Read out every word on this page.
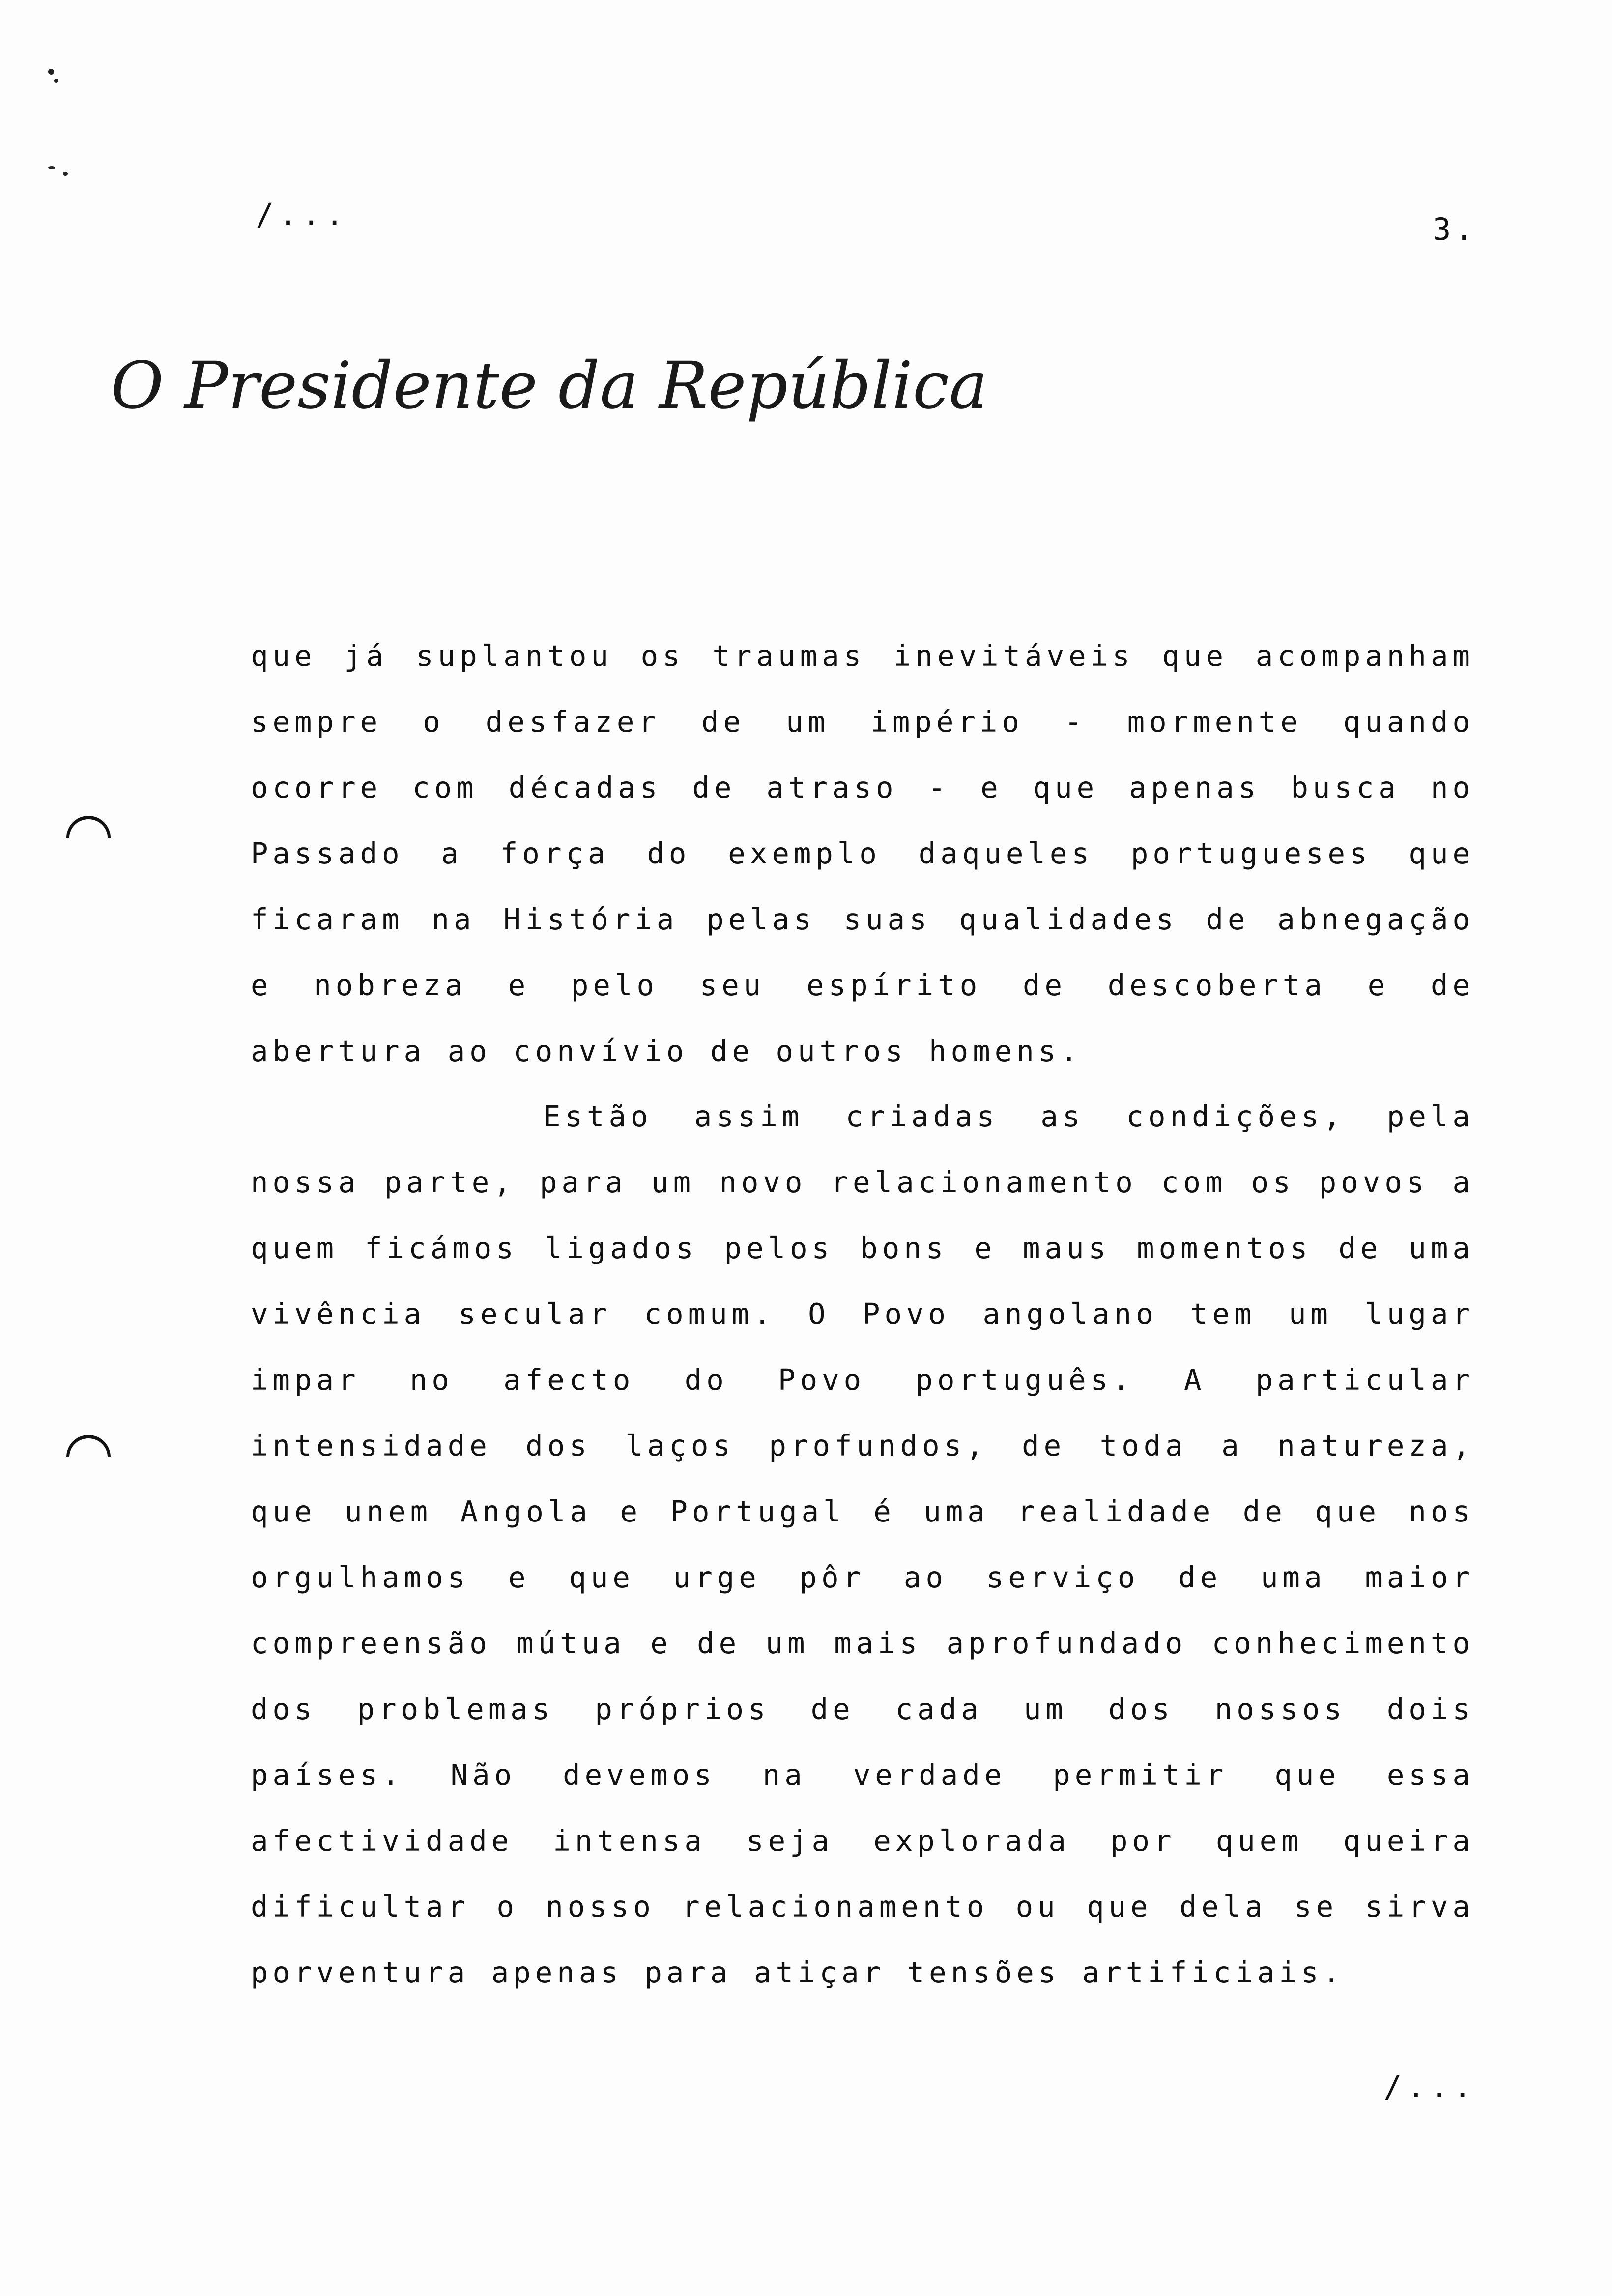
/...	3.
O Presidente da República

que já suplantou os traumas inevitáveis que acompanham sempre o desfazer de um império - mormente quando ocorre com décadas de atraso - e que apenas busca no Passado a força do exemplo daqueles portugueses que ficaram na História pelas suas qualidades de abnegação e nobreza e pelo seu espírito de descoberta e de abertura ao convívio de outros homens.

Estão assim criadas as condições, pela nossa parte, para um novo relacionamento com os povos a quem ficámos ligados pelos bons e maus momentos de uma vivência secular comum. O Povo angolano tem um lugar impar no afecto do Povo português. A particular intensidade dos laços profundos, de toda a natureza, que unem Angola e Portugal é uma realidade de que nos orgulhamos e que urge pôr ao serviço de uma maior compreensão mútua e de um mais aprofundado conhecimento dos problemas próprios de cada um dos nossos dois países. Não devemos na verdade permitir que essa afectividade intensa seja explorada por quem queira dificultar o nosso relacionamento ou que dela se sirva porventura apenas para atiçar tensões artificiais.

/...
